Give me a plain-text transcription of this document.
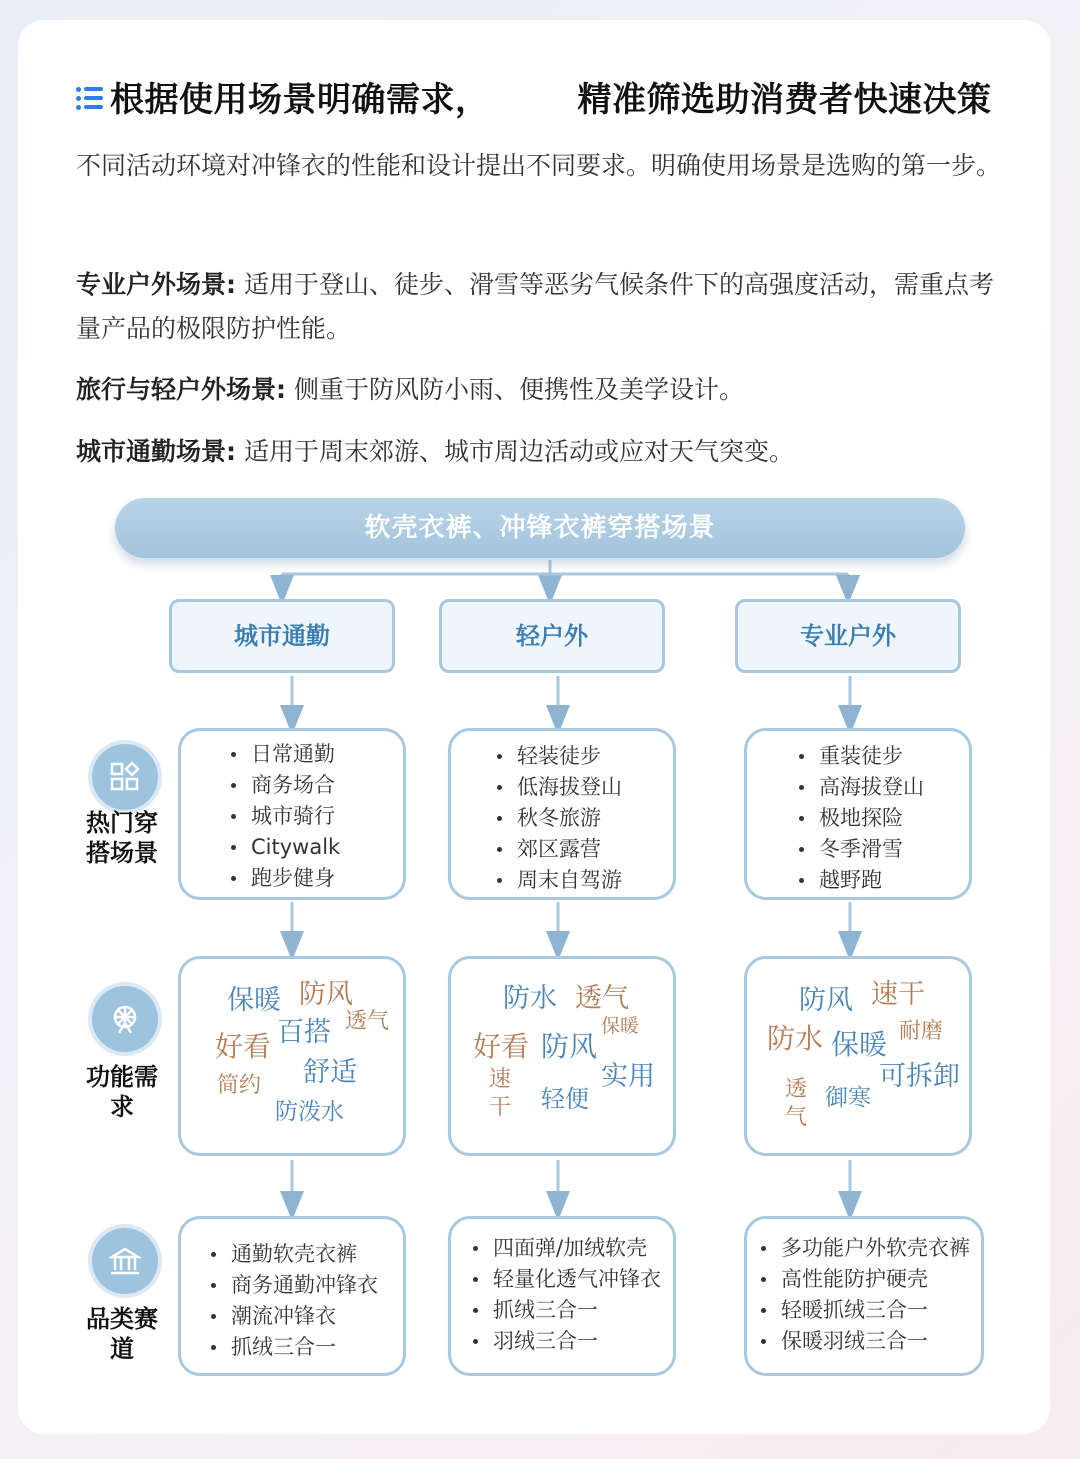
根据使用场景明确需求，	精准筛选助消费者快速决策

不同活动环境对冲锋衣的性能和设计提出不同要求。明确使用场景是选购的第一步。

专业户外场景: 适用于登山、徒步、滑雪等恶劣气候条件下的高强度活动，需重点考量产品的极限防护性能。

旅行与轻户外场景: 侧重于防风防小雨、便携性及美学设计。

城市通勤场景: 适用于周末郊游、城市周边活动或应对天气突变。

软壳衣裤、冲锋衣裤穿搭场景
城市通勤	轻户外	专业户外
热门穿搭场景
功能需求
品类赛道
日常通勤
商务场合
城市骑行
Citywalk
跑步健身
轻装徒步
低海拔登山
秋冬旅游
郊区露营
周末自驾游
重装徒步
高海拔登山
极地探险
冬季滑雪
越野跑
保暖 防风
透气
好看 百搭
舒适
简约
防泼水
防水 透气
保暖
好看 防风
速
干
实用
轻便
防风 速干
防水 保暖 耐磨
可拆卸
透
气
御寒
通勤软壳衣裤
商务通勤冲锋衣
潮流冲锋衣
抓绒三合一
四面弹/加绒软壳
轻量化透气冲锋衣
抓绒三合一
羽绒三合一
多功能户外软壳衣裤
高性能防护硬壳
轻暖抓绒三合一
保暖羽绒三合一
